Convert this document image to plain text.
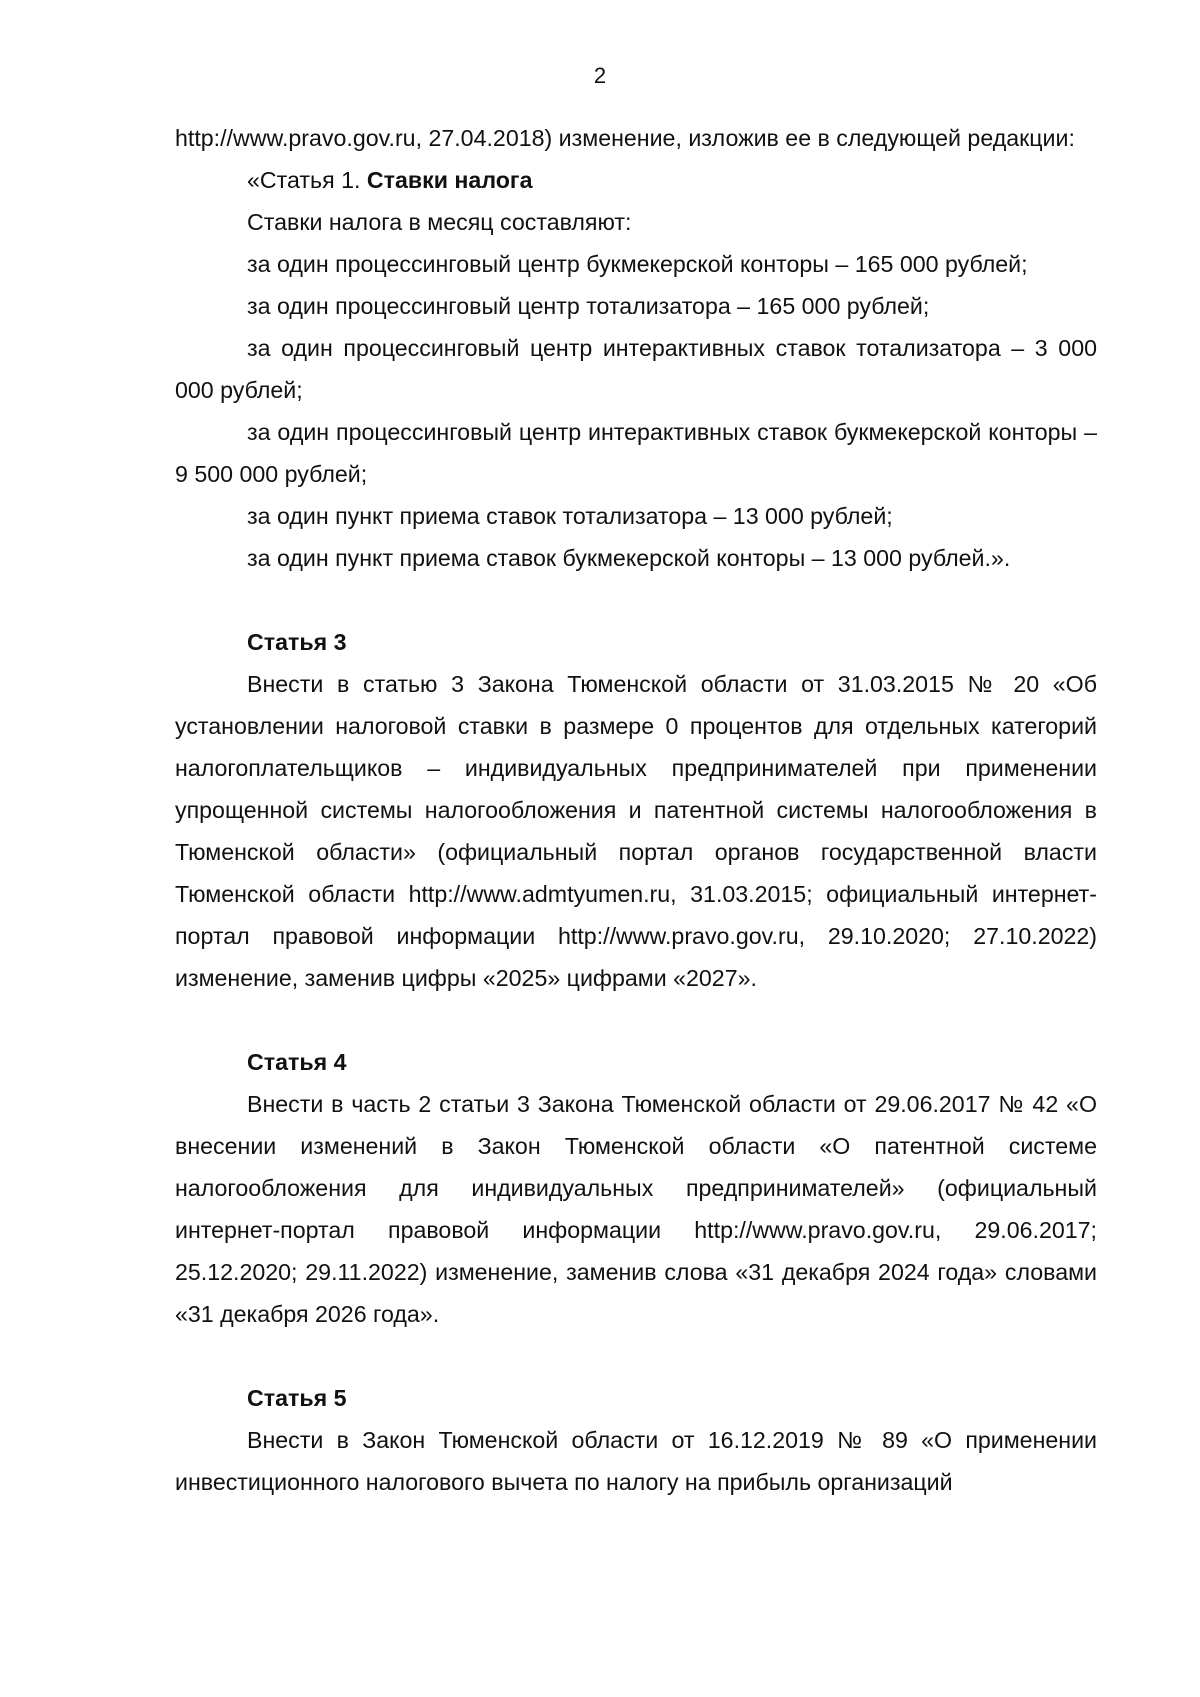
2

http://www.pravo.gov.ru, 27.04.2018) изменение, изложив ее в следующей редакции:

«Статья 1. Ставки налога

Ставки налога в месяц составляют:

за один процессинговый центр букмекерской конторы – 165 000 рублей;

за один процессинговый центр тотализатора – 165 000 рублей;

за один процессинговый центр интерактивных ставок тотализатора – 3 000 000 рублей;

за один процессинговый центр интерактивных ставок букмекерской конторы – 9 500 000 рублей;

за один пункт приема ставок тотализатора – 13 000 рублей;

за один пункт приема ставок букмекерской конторы – 13 000 рублей.».

Статья 3

Внести в статью 3 Закона Тюменской области от 31.03.2015 № 20 «Об установлении налоговой ставки в размере 0 процентов для отдельных категорий налогоплательщиков – индивидуальных предпринимателей при применении упрощенной системы налогообложения и патентной системы налогообложения в Тюменской области» (официальный портал органов государственной власти Тюменской области http://www.admtyumen.ru, 31.03.2015; официальный интернет-портал правовой информации http://www.pravo.gov.ru, 29.10.2020; 27.10.2022) изменение, заменив цифры «2025» цифрами «2027».

Статья 4

Внести в часть 2 статьи 3 Закона Тюменской области от 29.06.2017 № 42 «О внесении изменений в Закон Тюменской области «О патентной системе налогообложения для индивидуальных предпринимателей» (официальный интернет-портал правовой информации http://www.pravo.gov.ru, 29.06.2017; 25.12.2020; 29.11.2022) изменение, заменив слова «31 декабря 2024 года» словами «31 декабря 2026 года».

Статья 5

Внести в Закон Тюменской области от 16.12.2019 № 89 «О применении инвестиционного налогового вычета по налогу на прибыль организаций
